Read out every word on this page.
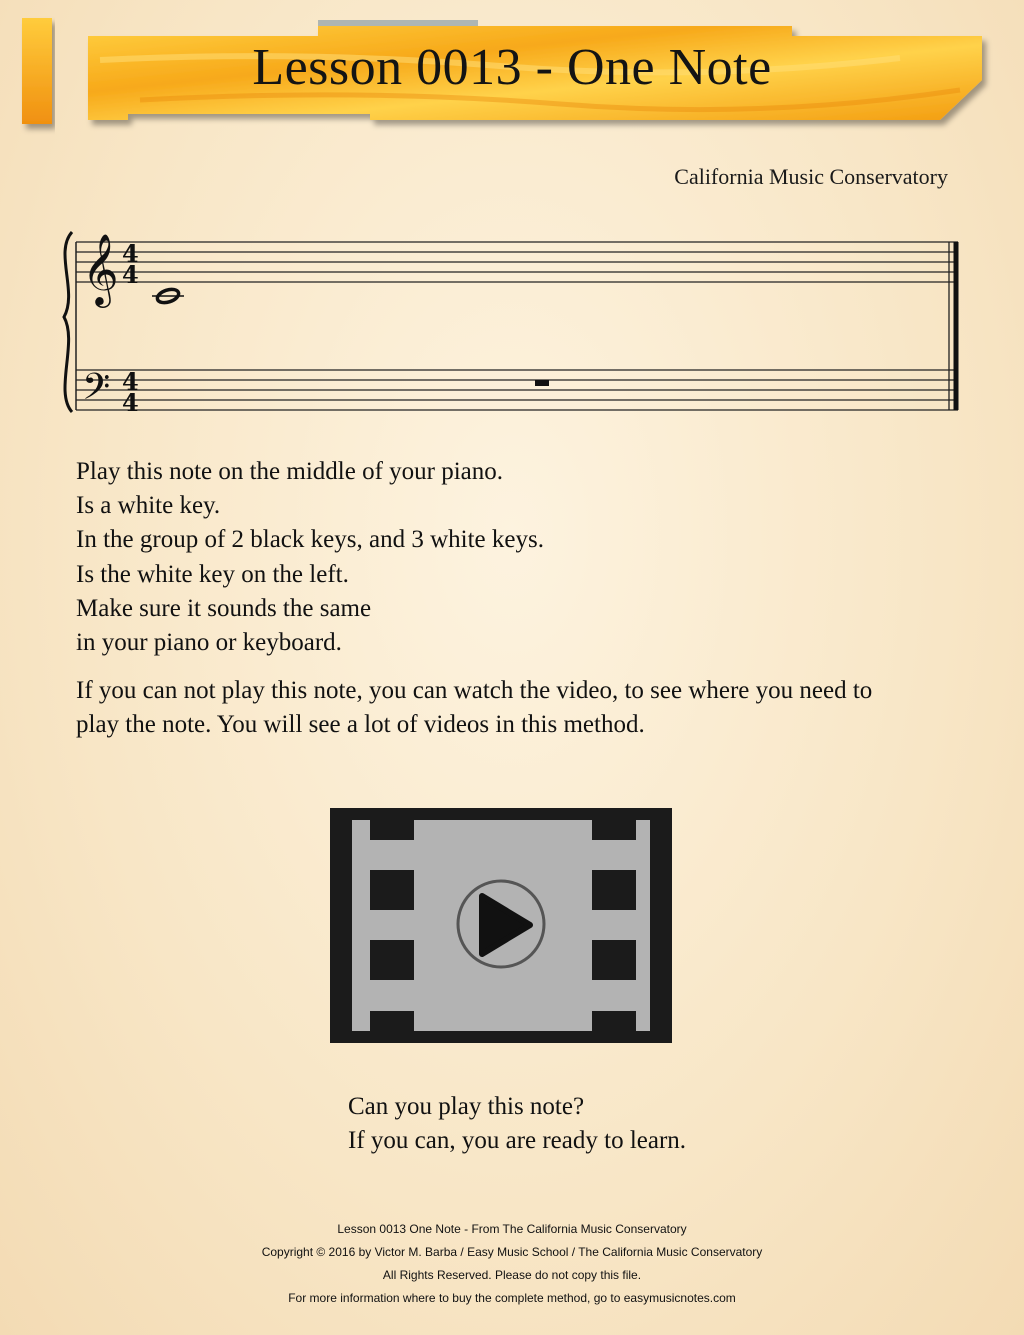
Lesson 0013 - One Note
California Music Conservatory
𝄞
𝄢
4
4
4
4
Play this note on the middle of your piano.
Is a white key.
In the group of 2 black keys, and 3 white keys.
Is the white key on the left.
Make sure it sounds the same
in your piano or keyboard.
If you can not play this note, you can watch the video, to see where you need to
play the note. You will see a lot of videos in this method.
Can you play this note?
If you can, you are ready to learn.
Lesson 0013 One Note - From The California Music Conservatory
Copyright © 2016 by Victor M. Barba / Easy Music School / The California Music Conservatory
All Rights Reserved. Please do not copy this file.
For more information where to buy the complete method, go to easymusicnotes.com
